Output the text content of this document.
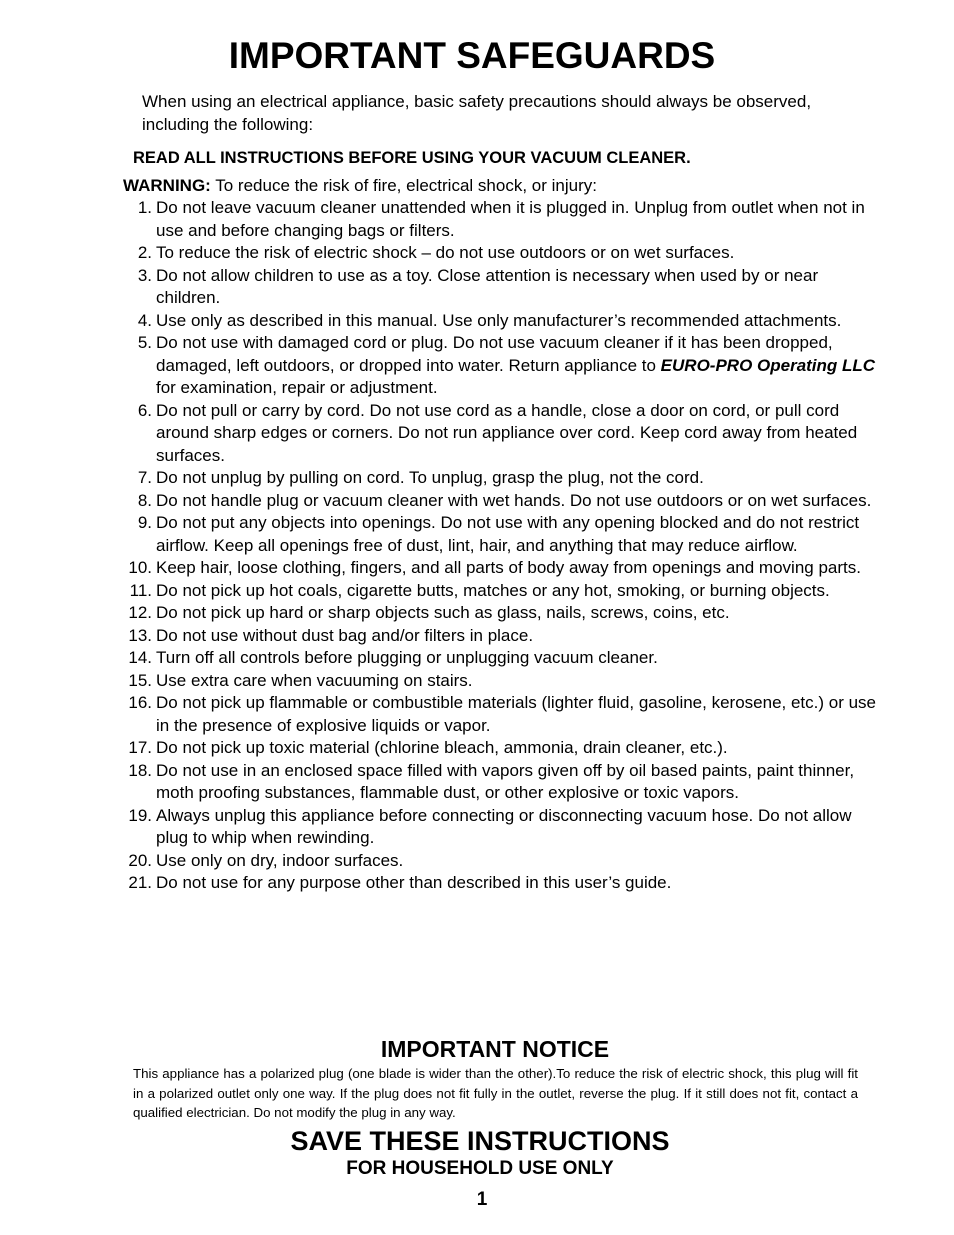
IMPORTANT SAFEGUARDS

When using an electrical appliance, basic safety precautions should always be observed, including the following:

READ ALL INSTRUCTIONS BEFORE USING YOUR VACUUM CLEANER.

WARNING: To reduce the risk of fire, electrical shock, or injury:

1. Do not leave vacuum cleaner unattended when it is plugged in. Unplug from outlet when not in use and before changing bags or filters.
2. To reduce the risk of electric shock – do not use outdoors or on wet surfaces.
3. Do not allow children to use as a toy. Close attention is necessary when used by or near children.
4. Use only as described in this manual. Use only manufacturer’s recommended attachments.
5. Do not use with damaged cord or plug. Do not use vacuum cleaner if it has been dropped, damaged, left outdoors, or dropped into water. Return appliance to EURO-PRO Operating LLC for examination, repair or adjustment.
6. Do not pull or carry by cord. Do not use cord as a handle, close a door on cord, or pull cord around sharp edges or corners. Do not run appliance over cord. Keep cord away from heated surfaces.
7. Do not unplug by pulling on cord. To unplug, grasp the plug, not the cord.
8. Do not handle plug or vacuum cleaner with wet hands. Do not use outdoors or on wet surfaces.
9. Do not put any objects into openings. Do not use with any opening blocked and do not restrict airflow. Keep all openings free of dust, lint, hair, and anything that may reduce airflow.
10. Keep hair, loose clothing, fingers, and all parts of body away from openings and moving parts.
11. Do not pick up hot coals, cigarette butts, matches or any hot, smoking, or burning objects.
12. Do not pick up hard or sharp objects such as glass, nails, screws, coins, etc.
13. Do not use without dust bag and/or filters in place.
14. Turn off all controls before plugging or unplugging vacuum cleaner.
15. Use extra care when vacuuming on stairs.
16. Do not pick up flammable or combustible materials (lighter fluid, gasoline, kerosene, etc.) or use in the presence of explosive liquids or vapor.
17. Do not pick up toxic material (chlorine bleach, ammonia, drain cleaner, etc.).
18. Do not use in an enclosed space filled with vapors given off by oil based paints, paint thinner, moth proofing substances, flammable dust, or other explosive or toxic vapors.
19. Always unplug this appliance before connecting or disconnecting vacuum hose. Do not allow plug to whip when rewinding.
20. Use only on dry, indoor surfaces.
21. Do not use for any purpose other than described in this user’s guide.
IMPORTANT NOTICE

This appliance has a polarized plug (one blade is wider than the other).To reduce the risk of electric shock, this plug will fit in a polarized outlet only one way. If the plug does not fit fully in the outlet, reverse the plug. If it still does not fit, contact a qualified electrician. Do not modify the plug in any way.

SAVE THESE INSTRUCTIONS

FOR HOUSEHOLD USE ONLY

1
